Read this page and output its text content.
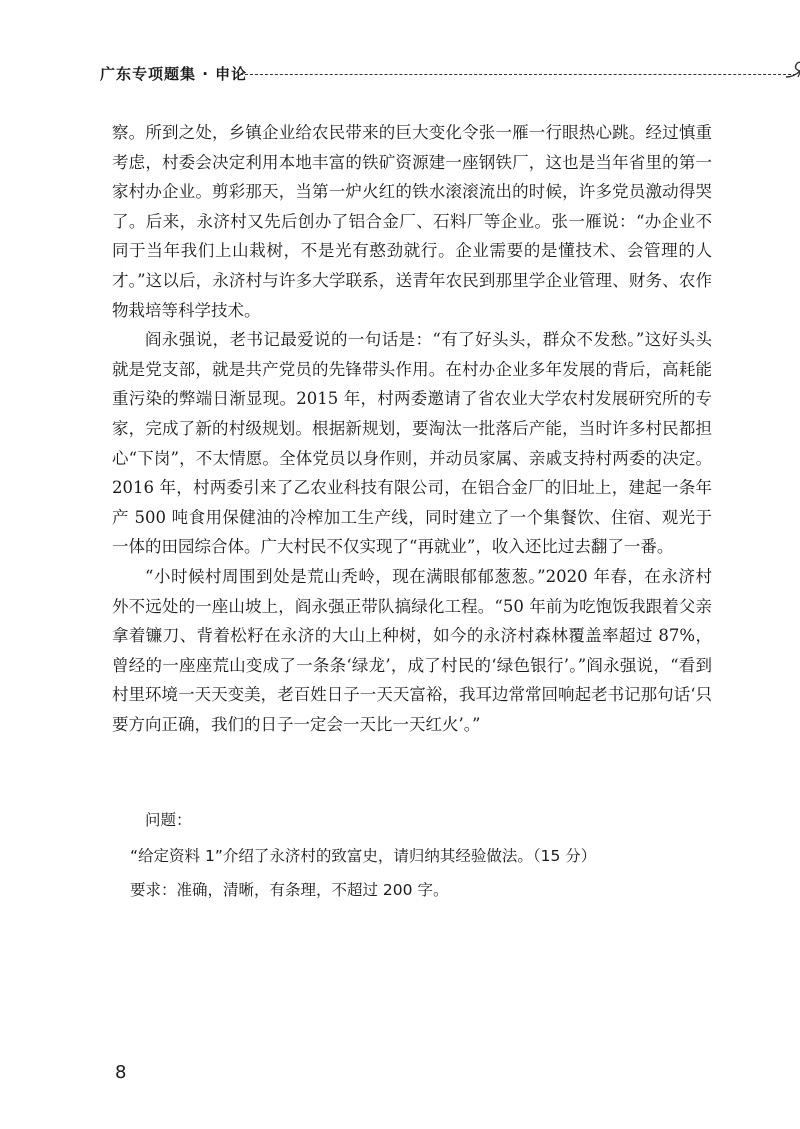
广东专项题集 · 申论

察。所到之处，乡镇企业给农民带来的巨大变化令张一雁一行眼热心跳。经过慎重考虑，村委会决定利用本地丰富的铁矿资源建一座钢铁厂，这也是当年省里的第一家村办企业。剪彩那天，当第一炉火红的铁水滚滚流出的时候，许多党员激动得哭了。后来，永济村又先后创办了铝合金厂、石料厂等企业。张一雁说：“办企业不同于当年我们上山栽树，不是光有憨劲就行。企业需要的是懂技术、会管理的人才。”这以后，永济村与许多大学联系，送青年农民到那里学企业管理、财务、农作物栽培等科学技术。

阎永强说，老书记最爱说的一句话是：“有了好头头，群众不发愁。”这好头头就是党支部，就是共产党员的先锋带头作用。在村办企业多年发展的背后，高耗能重污染的弊端日渐显现。2015 年，村两委邀请了省农业大学农村发展研究所的专家，完成了新的村级规划。根据新规划，要淘汰一批落后产能，当时许多村民都担心“下岗”，不太情愿。全体党员以身作则，并动员家属、亲戚支持村两委的决定。2016 年，村两委引来了乙农业科技有限公司，在铝合金厂的旧址上，建起一条年产 500 吨食用保健油的冷榨加工生产线，同时建立了一个集餐饮、住宿、观光于一体的田园综合体。广大村民不仅实现了“再就业”，收入还比过去翻了一番。

“小时候村周围到处是荒山秃岭，现在满眼郁郁葱葱。”2020 年春，在永济村外不远处的一座山坡上，阎永强正带队搞绿化工程。“50 年前为吃饱饭我跟着父亲拿着镰刀、背着松籽在永济的大山上种树，如今的永济村森林覆盖率超过 87%，曾经的一座座荒山变成了一条条‘绿龙’，成了村民的‘绿色银行’。”阎永强说，“看到村里环境一天天变美，老百姓日子一天天富裕，我耳边常常回响起老书记那句话‘只要方向正确，我们的日子一定会一天比一天红火’。”

问题：
“给定资料 1”介绍了永济村的致富史，请归纳其经验做法。（15 分）
要求：准确，清晰，有条理，不超过 200 字。
8
